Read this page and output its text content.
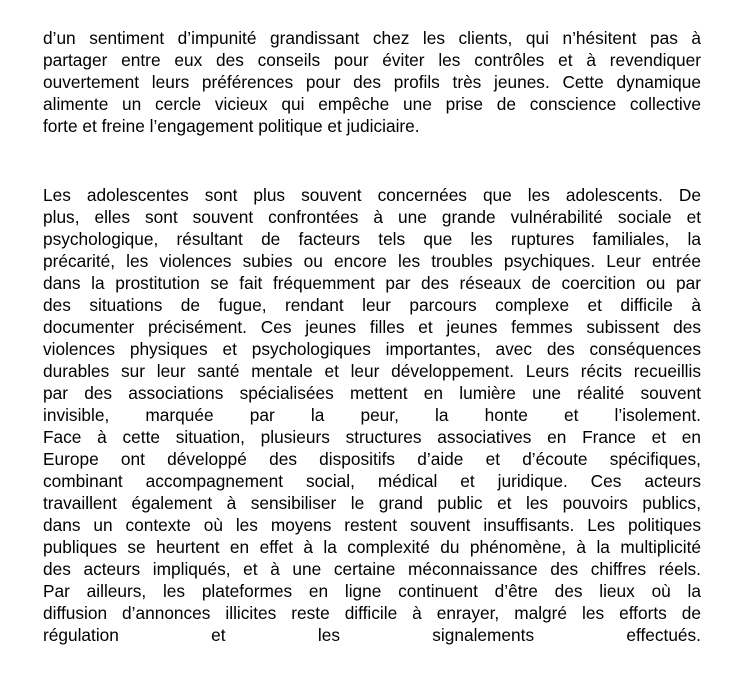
d’un sentiment d’impunité grandissant chez les clients, qui n’hésitent pas à
partager entre eux des conseils pour éviter les contrôles et à revendiquer
ouvertement leurs préférences pour des profils très jeunes. Cette dynamique
alimente un cercle vicieux qui empêche une prise de conscience collective
forte et freine l’engagement politique et judiciaire.
Les adolescentes sont plus souvent concernées que les adolescents. De
plus, elles sont souvent confrontées à une grande vulnérabilité sociale et
psychologique, résultant de facteurs tels que les ruptures familiales, la
précarité, les violences subies ou encore les troubles psychiques. Leur entrée
dans la prostitution se fait fréquemment par des réseaux de coercition ou par
des situations de fugue, rendant leur parcours complexe et difficile à
documenter précisément. Ces jeunes filles et jeunes femmes subissent des
violences physiques et psychologiques importantes, avec des conséquences
durables sur leur santé mentale et leur développement. Leurs récits recueillis
par des associations spécialisées mettent en lumière une réalité souvent
invisible, marquée par la peur, la honte et l’isolement.
Face à cette situation, plusieurs structures associatives en France et en
Europe ont développé des dispositifs d’aide et d’écoute spécifiques,
combinant accompagnement social, médical et juridique. Ces acteurs
travaillent également à sensibiliser le grand public et les pouvoirs publics,
dans un contexte où les moyens restent souvent insuffisants. Les politiques
publiques se heurtent en effet à la complexité du phénomène, à la multiplicité
des acteurs impliqués, et à une certaine méconnaissance des chiffres réels.
Par ailleurs, les plateformes en ligne continuent d’être des lieux où la
diffusion d’annonces illicites reste difficile à enrayer, malgré les efforts de
régulation et les signalements effectués.
